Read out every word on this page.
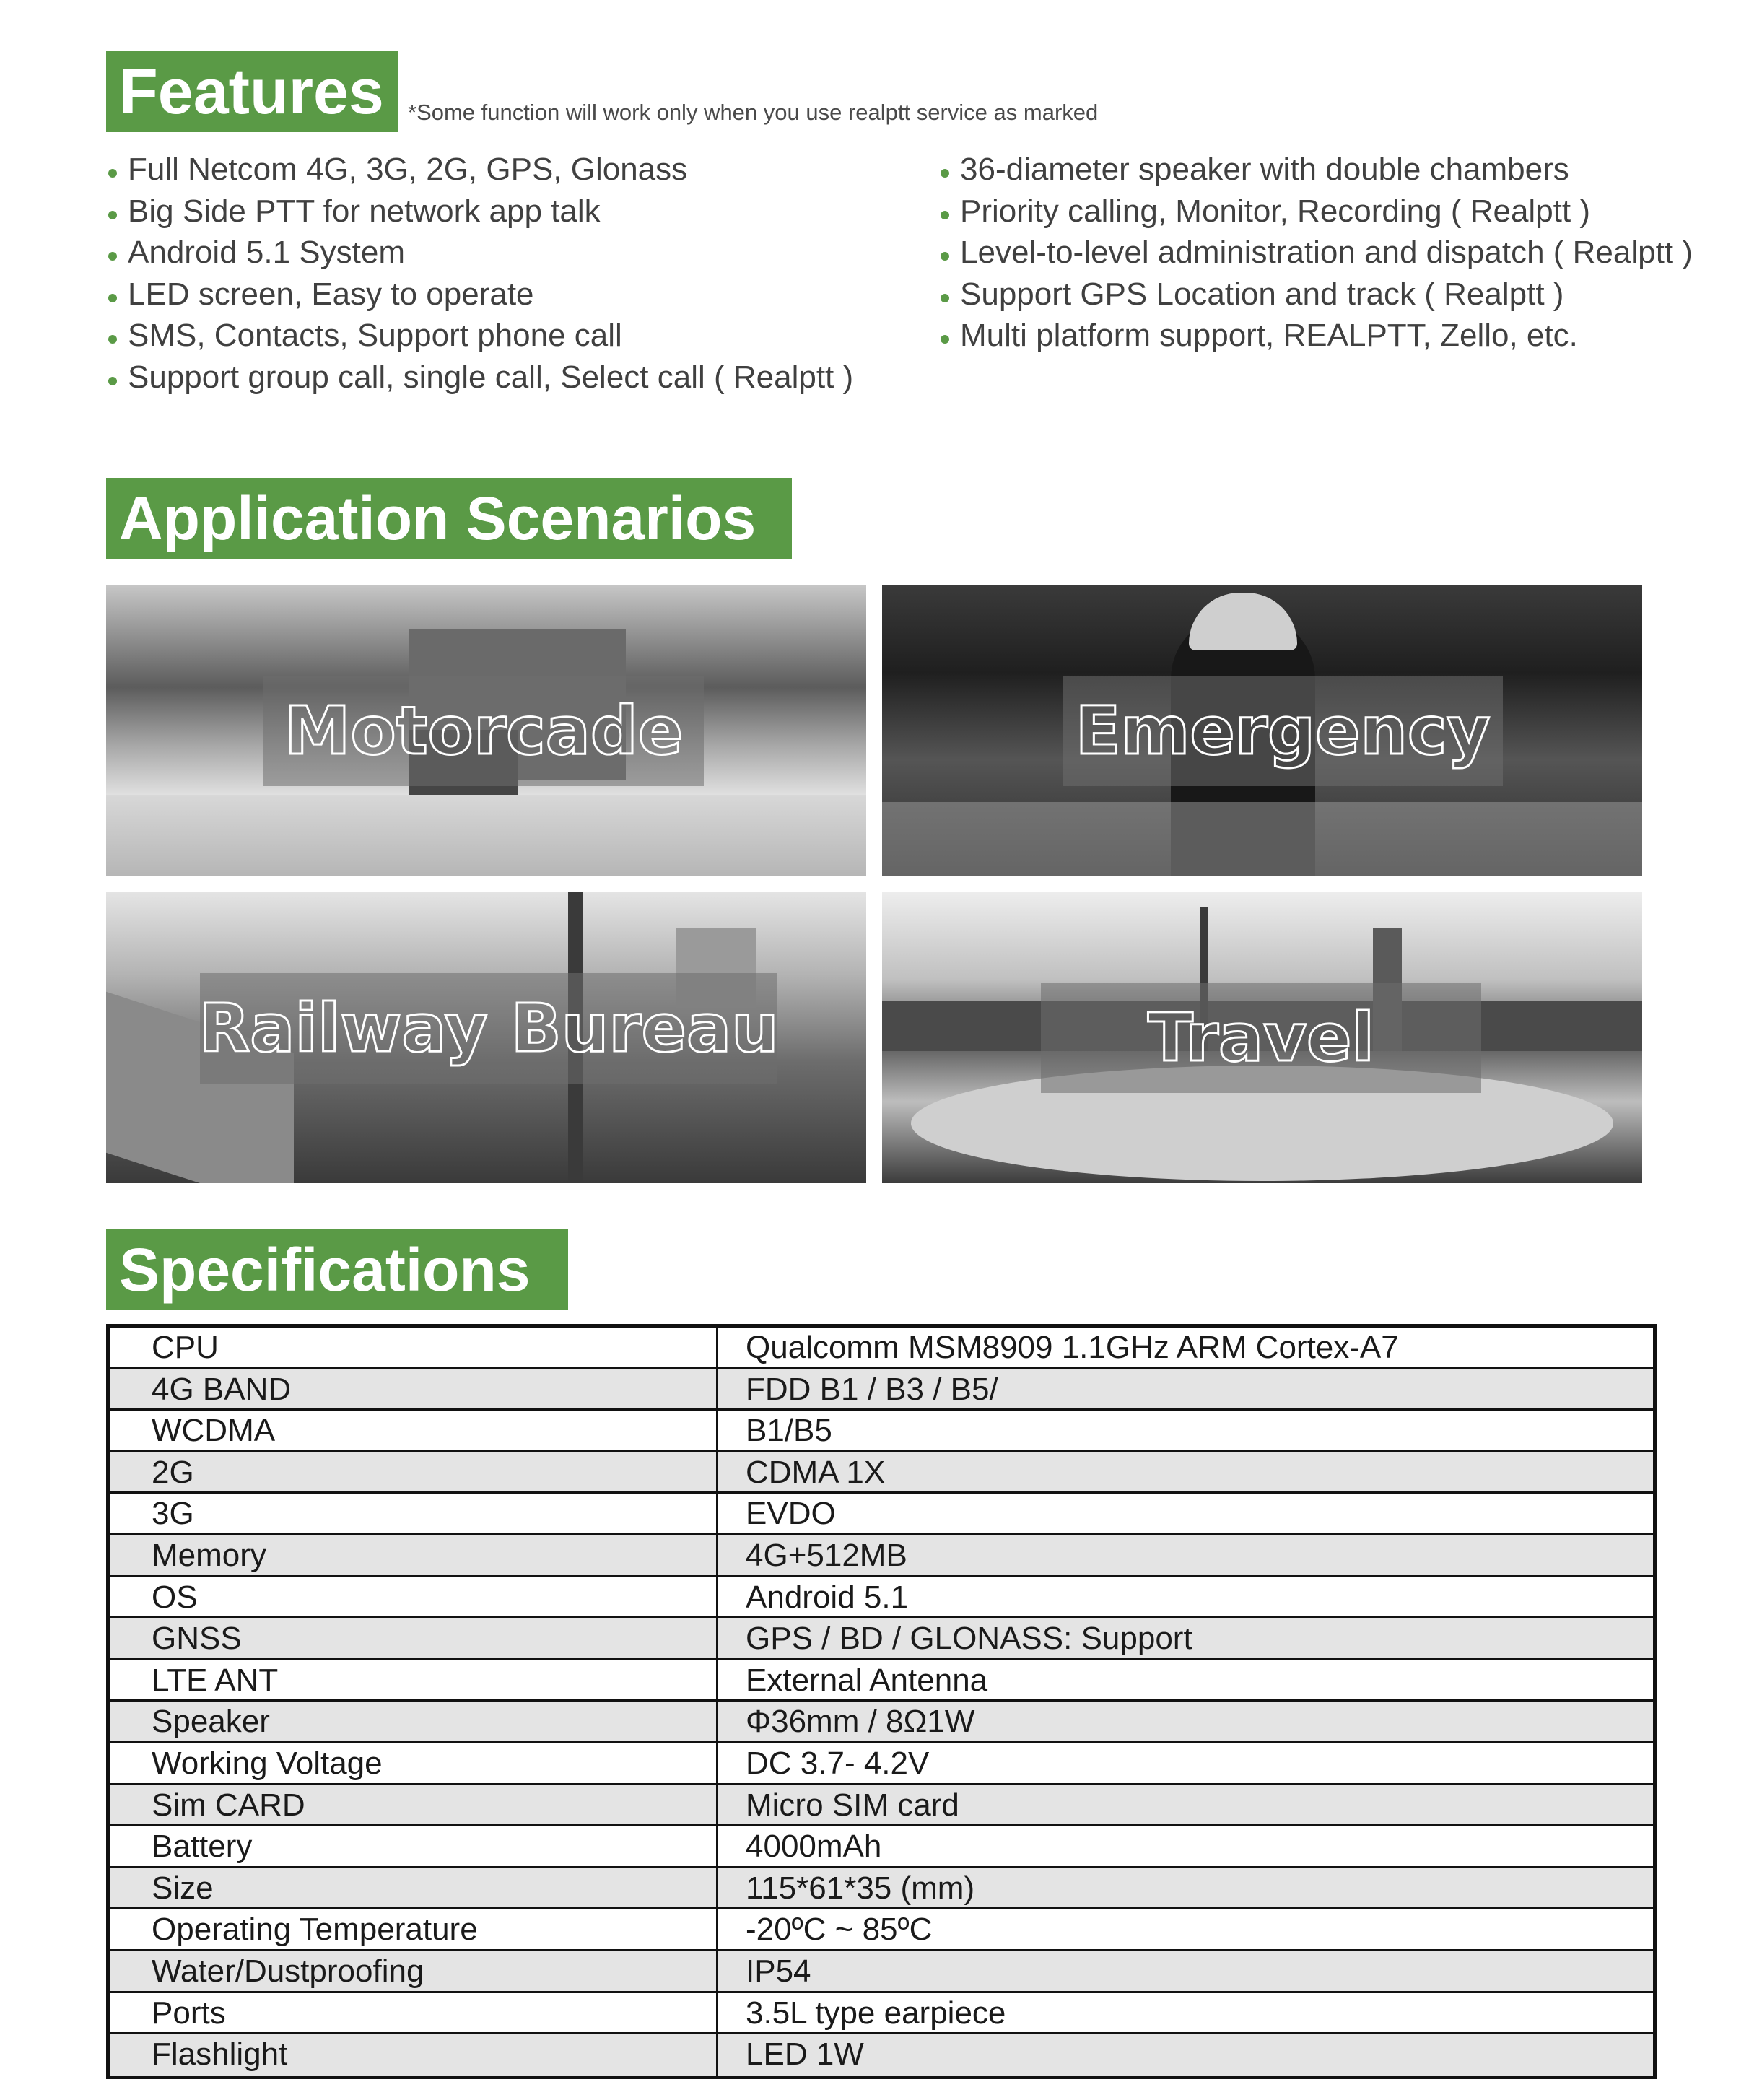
Features	*Some function will work only when you use realptt service as marked
Full Netcom 4G, 3G, 2G, GPS, Glonass
Big Side PTT for network app talk
Android 5.1 System
LED screen, Easy to operate
SMS, Contacts, Support phone call
Support group call, single call, Select call ( Realptt )
36-diameter speaker with double chambers
Priority calling, Monitor, Recording ( Realptt )
Level-to-level administration and dispatch ( Realptt )
Support GPS Location and track ( Realptt )
Multi platform support, REALPTT, Zello, etc.
Application Scenarios
Motorcade	Emergency
Railway Bureau	Travel
Specifications
CPU	Qualcomm MSM8909 1.1GHz ARM Cortex-A7
4G BAND	FDD B1 / B3 / B5/
WCDMA	B1/B5
2G	CDMA 1X
3G	EVDO
Memory	4G+512MB
OS	Android 5.1
GNSS	GPS / BD / GLONASS: Support
LTE ANT	External Antenna
Speaker	Φ36mm / 8Ω1W
Working Voltage	DC 3.7- 4.2V
Sim CARD	Micro SIM card
Battery	4000mAh
Size	115*61*35 (mm)
Operating Temperature	-20ºC ~ 85ºC
Water/Dustproofing	IP54
Ports	3.5L type earpiece
Flashlight	LED 1W
